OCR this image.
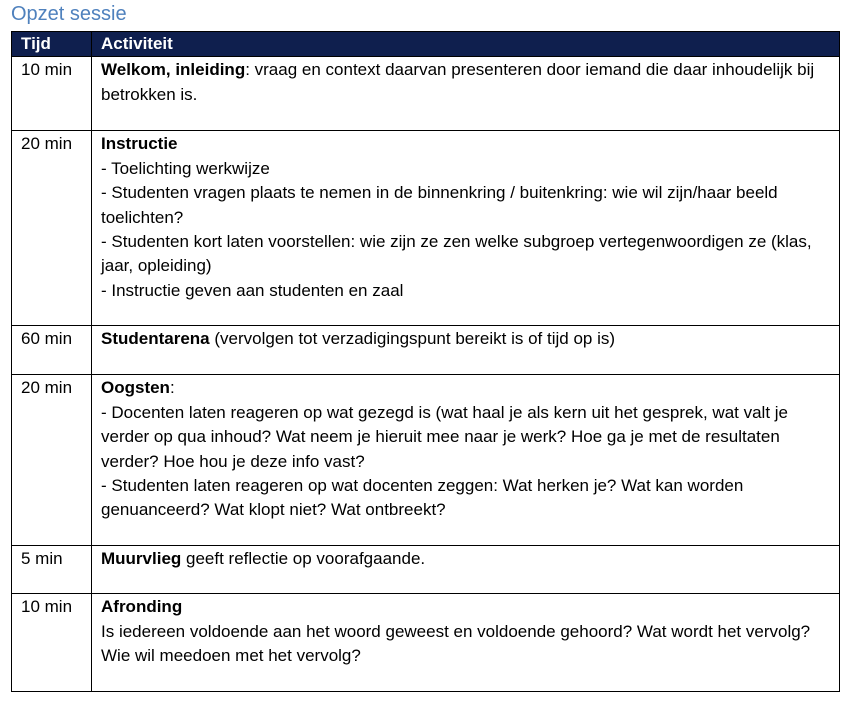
Opzet sessie
Tijd	Activiteit
10 min	Welkom, inleiding: vraag en context daarvan presenteren door iemand die daar inhoudelijk bij betrokken is.
20 min	Instructie
- Toelichting werkwijze
- Studenten vragen plaats te nemen in de binnenkring / buitenkring: wie wil zijn/haar beeld toelichten?
- Studenten kort laten voorstellen: wie zijn ze zen welke subgroep vertegenwoordigen ze (klas, jaar, opleiding)
- Instructie geven aan studenten en zaal

60 min	Studentarena (vervolgen tot verzadigingspunt bereikt is of tijd op is)
20 min	Oogsten:
- Docenten laten reageren op wat gezegd is (wat haal je als kern uit het gesprek, wat valt je verder op qua inhoud? Wat neem je hieruit mee naar je werk? Hoe ga je met de resultaten verder? Hoe hou je deze info vast?
- Studenten laten reageren op wat docenten zeggen: Wat herken je? Wat kan worden genuanceerd? Wat klopt niet? Wat ontbreekt?

5 min	Muurvlieg geeft reflectie op voorafgaande.
10 min	Afronding
Is iedereen voldoende aan het woord geweest en voldoende gehoord? Wat wordt het vervolg? Wie wil meedoen met het vervolg?
